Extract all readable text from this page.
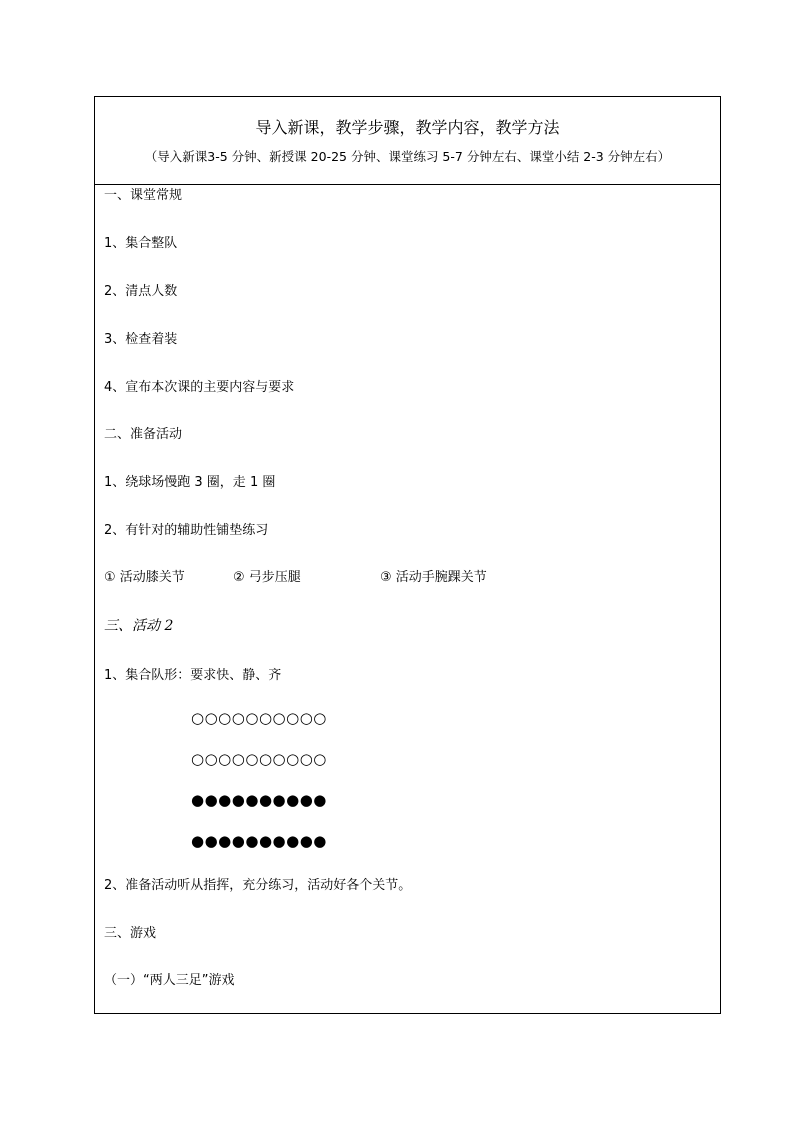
导入新课，教学步骤，教学内容，教学方法
（导入新课3-5 分钟、新授课 20-25 分钟、课堂练习 5-7 分钟左右、课堂小结 2-3 分钟左右）
一、课堂常规
1、集合整队
2、清点人数
3、检查着装
4、宣布本次课的主要内容与要求
二、准备活动
1、绕球场慢跑 3 圈，走 1 圈
2、有针对的辅助性铺垫练习
① 活动膝关节	② 弓步压腿	③ 活动手腕踝关节
三、活动 2
1、集合队形：要求快、静、齐
○○○○○○○○○○
○○○○○○○○○○
●●●●●●●●●●
●●●●●●●●●●
2、准备活动听从指挥，充分练习，活动好各个关节。
三、游戏
（一）“两人三足”游戏
